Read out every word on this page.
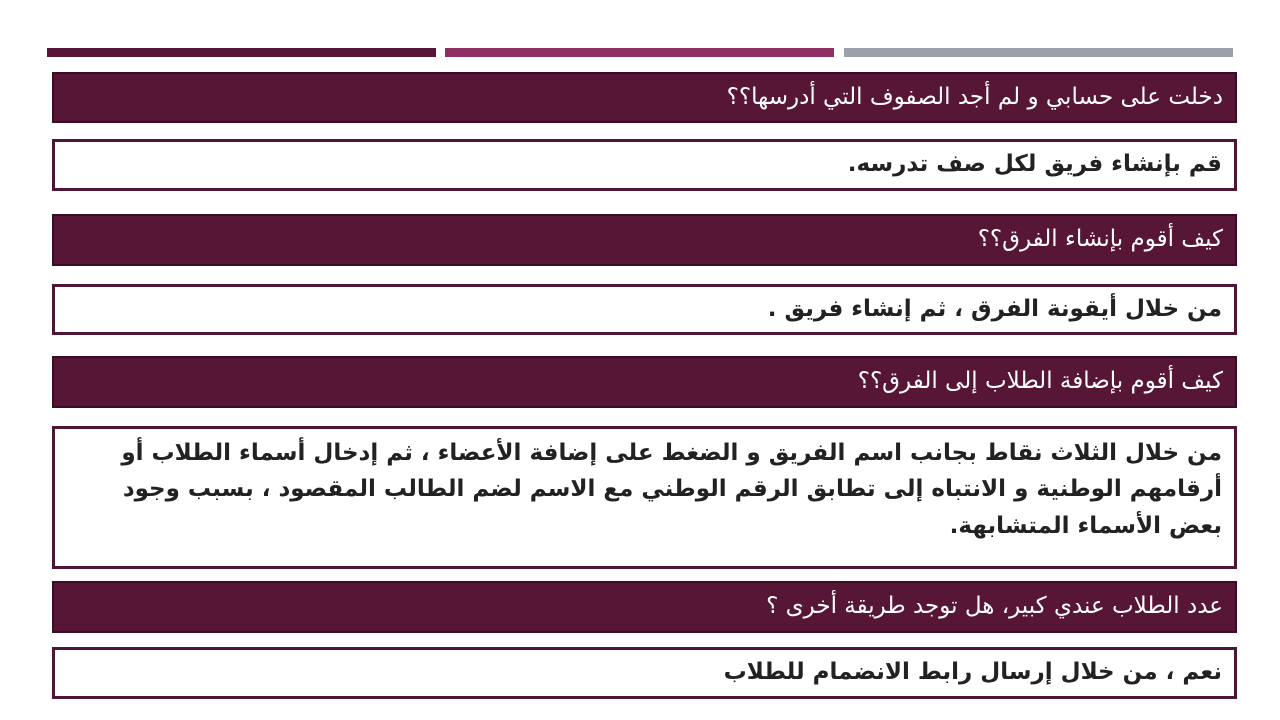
دخلت على حسابي و لم أجد الصفوف التي أدرسها؟؟
قم بإنشاء فريق لكل صف تدرسه.
كيف أقوم بإنشاء الفرق؟؟
من خلال أيقونة الفرق ، ثم إنشاء فريق .
كيف أقوم بإضافة الطلاب إلى الفرق؟؟
من خلال الثلاث نقاط بجانب اسم الفريق و الضغط على إضافة الأعضاء ، ثم إدخال أسماء الطلاب أو أرقامهم الوطنية و الانتباه إلى تطابق الرقم الوطني مع الاسم لضم الطالب المقصود ، بسبب وجود بعض الأسماء المتشابهة.
عدد الطلاب عندي كبير، هل توجد طريقة أخرى ؟
نعم ، من خلال إرسال رابط الانضمام للطلاب
